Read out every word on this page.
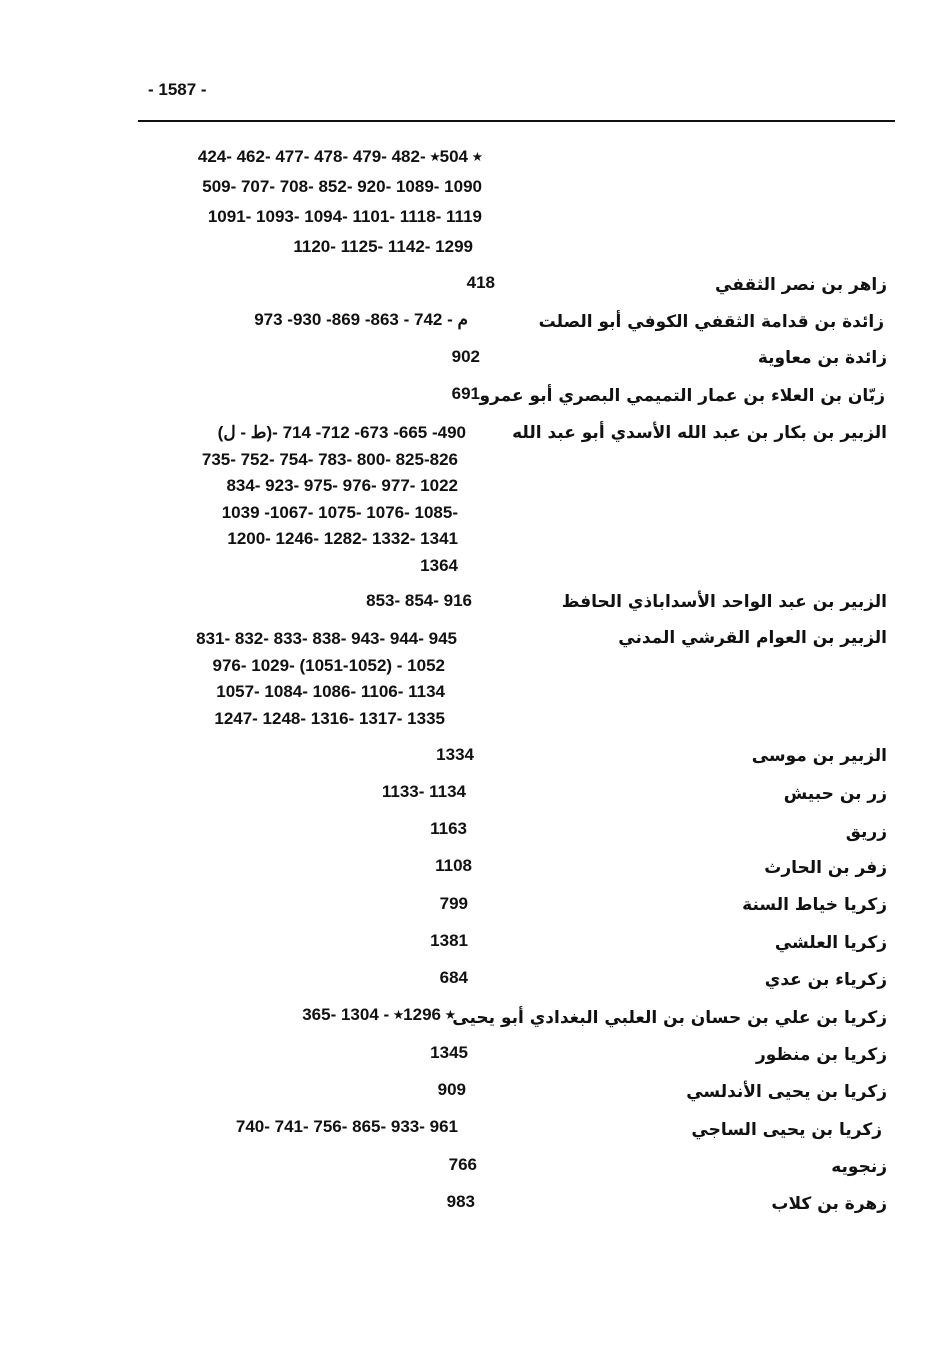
- 1587 -
424- 462- 477- 478- 479- 482- ٭ 504٭
509- 707- 708- 852- 920- 1089- 1090
1091- 1093- 1094- 1101- 1118- 1119
1120- 1125- 1142- 1299
زاهر بن نصر الثقفي
418
زائدة بن قدامة الثقفي الكوفي أبو الصلت
م - 742 - 863- 869- 930- 973
زائدة بن معاوية
902
زبّان بن العلاء بن عمار التميمي البصري أبو عمرو
691
الزبير بن بكار بن عبد الله الأسدي أبو عبد الله
(ط - ل)- 490- 665- 673- 712- 714
735- 752- 754- 783- 800- 825-826
834- 923- 975- 976- 977- 1022
1039 -1067- 1075- 1076- 1085-
1200- 1246- 1282- 1332- 1341
1364
الزبير بن عبد الواحد الأسداباذي الحافظ
853- 854- 916
الزبير بن العوام القرشي المدني
831- 832- 833- 838- 943- 944- 945
976- 1029- (1051-1052) - 1052
1057- 1084- 1086- 1106- 1134
1247- 1248- 1316- 1317- 1335
الزبير بن موسى
1334
زر بن حبيش
1133- 1134
زريق
1163
زفر بن الحارث
1108
زكريا خياط السنة
799
زكريا العلشي
1381
زكرياء بن عدي
684
زكريا بن علي بن حسان بن العلبي البغدادي أبو يحيى
365- ٭ 1296٭ - 1304
زكريا بن منظور
1345
زكريا بن يحيى الأندلسي
909
زكريا بن يحيى الساجي
740- 741- 756- 865- 933- 961
زنجويه
766
زهرة بن كلاب
983
